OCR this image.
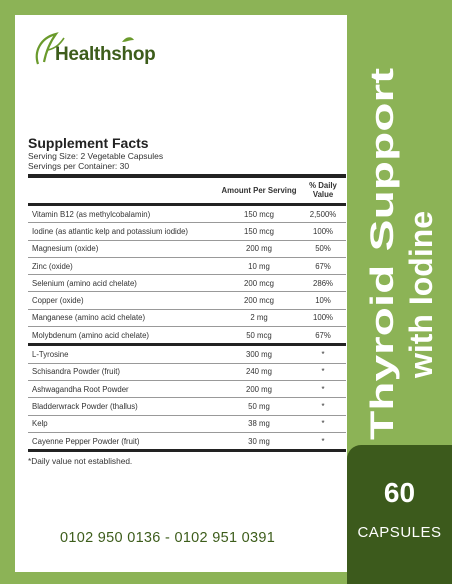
Healthshop
Supplement Facts
Serving Size: 2 Vegetable Capsules
Servings per Container: 30
	Amount Per Serving	% Daily Value
Vitamin B12 (as methylcobalamin)	150 mcg	2,500%
Iodine (as atlantic kelp and potassium iodide)	150 mcg	100%
Magnesium (oxide)	200 mg	50%
Zinc (oxide)	10 mg	67%
Selenium (amino acid chelate)	200 mcg	286%
Copper (oxide)	200 mcg	10%
Manganese (amino acid chelate)	2 mg	100%
Molybdenum (amino acid chelate)	50 mcg	67%
L-Tyrosine	300 mg	*
Schisandra Powder (fruit)	240 mg	*
Ashwagandha Root Powder	200 mg	*
Bladderwrack Powder (thallus)	50 mg	*
Kelp	38 mg	*
Cayenne Pepper Powder (fruit)	30 mg	*
*Daily value not established.
Thyroid Support with Iodine
60
CAPSULES
0102 950 0136 - 0102 951 0391
